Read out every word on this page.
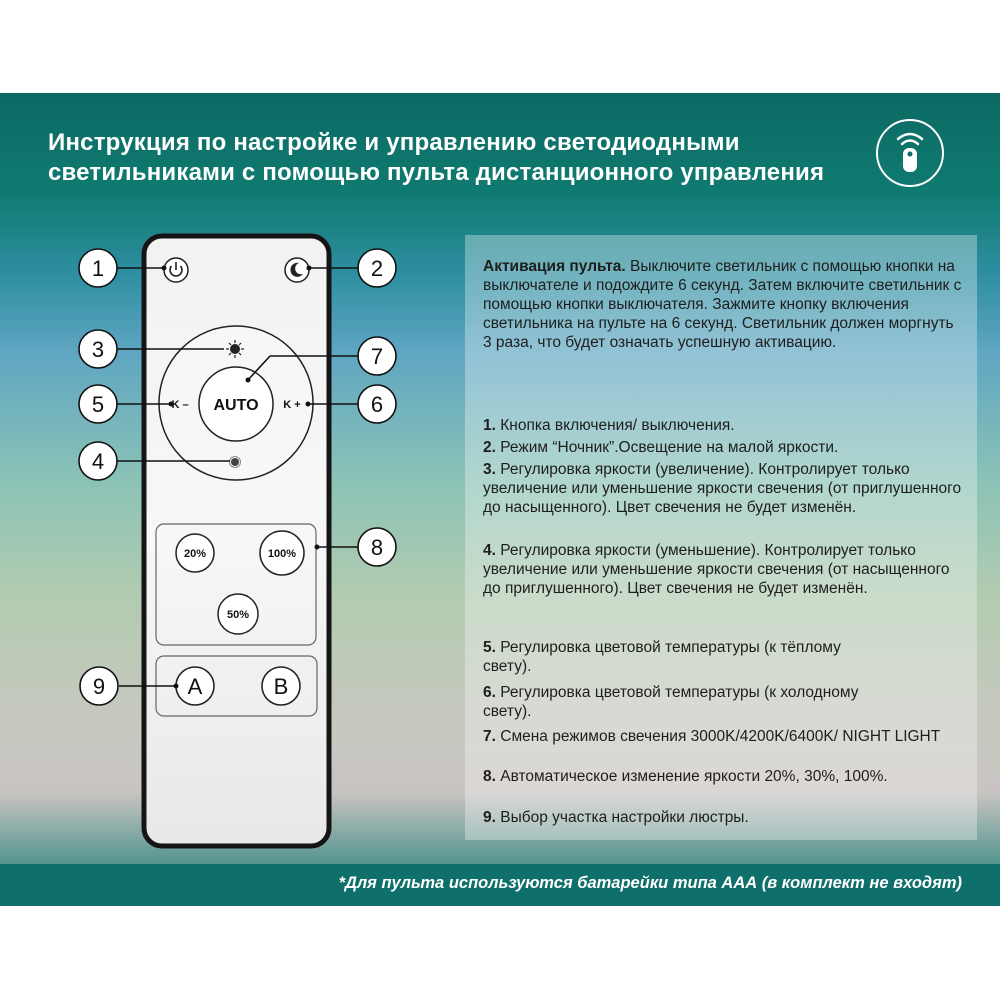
Инструкция по настройке и управлению светодиодными
светильниками с помощью пульта дистанционного управления
AUTO
K –	K +
20%	100%
50%
A	B
1	2
3
4
5	6
7
8
9
Активация пульта. Выключите светильник с помощью кнопки на выключателе и подождите 6 секунд. Затем включите светильник с помощью кнопки выключателя. Зажмите кнопку включения светильника на пульте на 6 секунд. Светильник должен моргнуть 3 раза, что будет означать успешную активацию.
1. Кнопка включения/ выключения.
2. Режим “Ночник”.Освещение на малой яркости.
3. Регулировка яркости (увеличение). Контролирует только увеличение или уменьшение яркости свечения (от приглушенного до насыщенного). Цвет свечения не будет изменён.
4. Регулировка яркости (уменьшение). Контролирует только увеличение или уменьшение яркости свечения (от насыщенного до приглушенного). Цвет свечения не будет изменён.
5. Регулировка цветовой температуры (к тёплому свету).
6. Регулировка цветовой температуры (к холодному свету).
7. Смена режимов свечения 3000K/4200K/6400K/ NIGHT LIGHT
8. Автоматическое изменение яркости 20%, 30%, 100%.
9. Выбор участка настройки люстры.
*Для пульта используются батарейки типа ААА (в комплект не входят)
